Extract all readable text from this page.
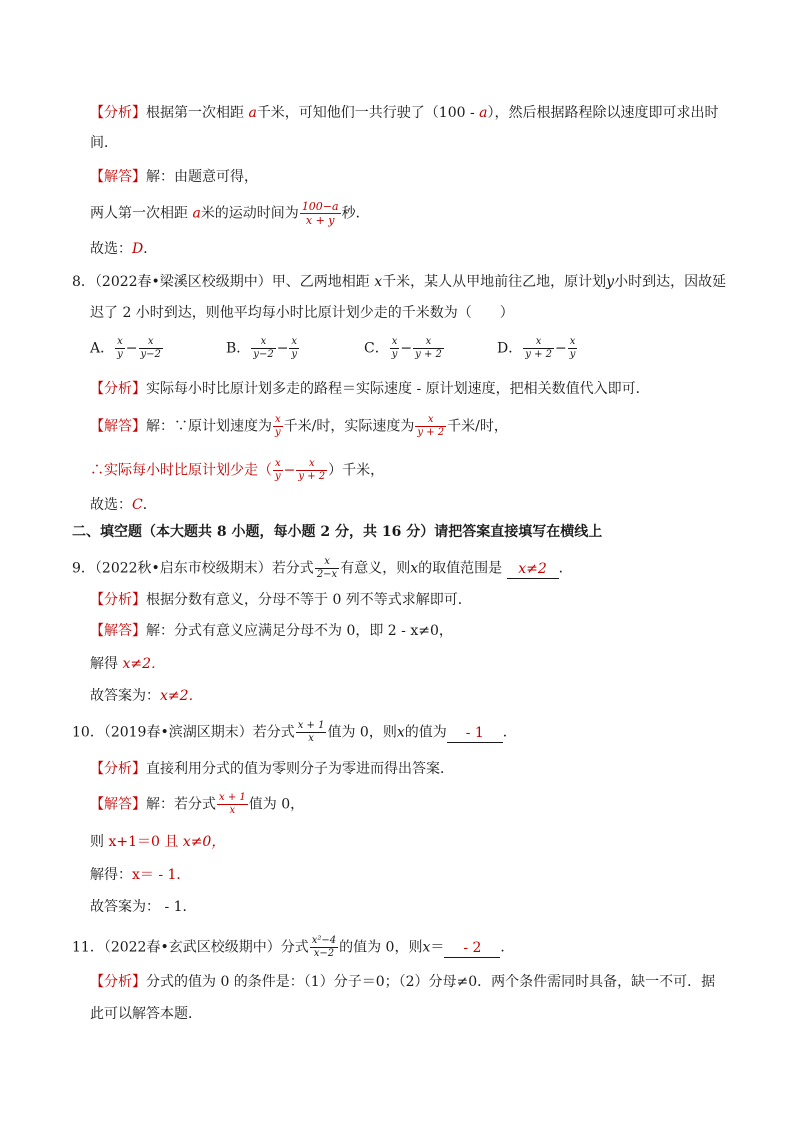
【分析】根据第一次相距 a千米，可知他们一共行驶了（100 - a），然后根据路程除以速度即可求出时
间．
【解答】解：由题意可得，
两人第一次相距 a米的运动时间为 $\frac{100-a}{x + y}$ 秒．
故选：D．
8．（2022春•梁溪区校级期中）甲、乙两地相距 x千米，某人从甲地前往乙地，原计划y小时到达，因故延
迟了 2 小时到达，则他平均每小时比原计划少走的千米数为（　　）
A． $\frac{x}{y} - \frac{x}{y-2}$	B． $\frac{x}{y-2} - \frac{x}{y}$	C． $\frac{x}{y} - \frac{x}{y + 2}$	D． $\frac{x}{y + 2} - \frac{x}{y}$
【分析】实际每小时比原计划多走的路程＝实际速度 - 原计划速度，把相关数值代入即可．
【解答】解：∵原计划速度为 $\frac{x}{y}$ 千米/时，实际速度为 $\frac{x}{y + 2}$ 千米/时，
∴实际每小时比原计划少走（ $\frac{x}{y} - \frac{x}{y + 2}$ ）千米，
故选：C．
二、填空题（本大题共 8 小题，每小题 2 分，共 16 分）请把答案直接填写在横线上
9．（2022秋•启东市校级期末）若分式 $\frac{x}{2-x}$ 有意义，则x的取值范围是 x≠2 ．
【分析】根据分数有意义，分母不等于 0 列不等式求解即可．
【解答】解：分式有意义应满足分母不为 0，即 2 - x≠0，
解得 x≠2．
故答案为：x≠2．
10．（2019春•滨湖区期末）若分式 $\frac{x + 1}{x}$ 值为 0，则x的值为 - 1 ．
【分析】直接利用分式的值为零则分子为零进而得出答案．
【解答】解：若分式 $\frac{x + 1}{x}$ 值为 0，
则 x+1＝0 且 x≠0，
解得：x＝ - 1．
故答案为： - 1．
11．（2022春•玄武区校级期中）分式 $\frac{\text{x²−4}}{x-2}$ 的值为 0，则x＝ - 2 ．
【分析】分式的值为 0 的条件是：（1）分子＝0；（2）分母≠0．两个条件需同时具备，缺一不可．据
此可以解答本题．
